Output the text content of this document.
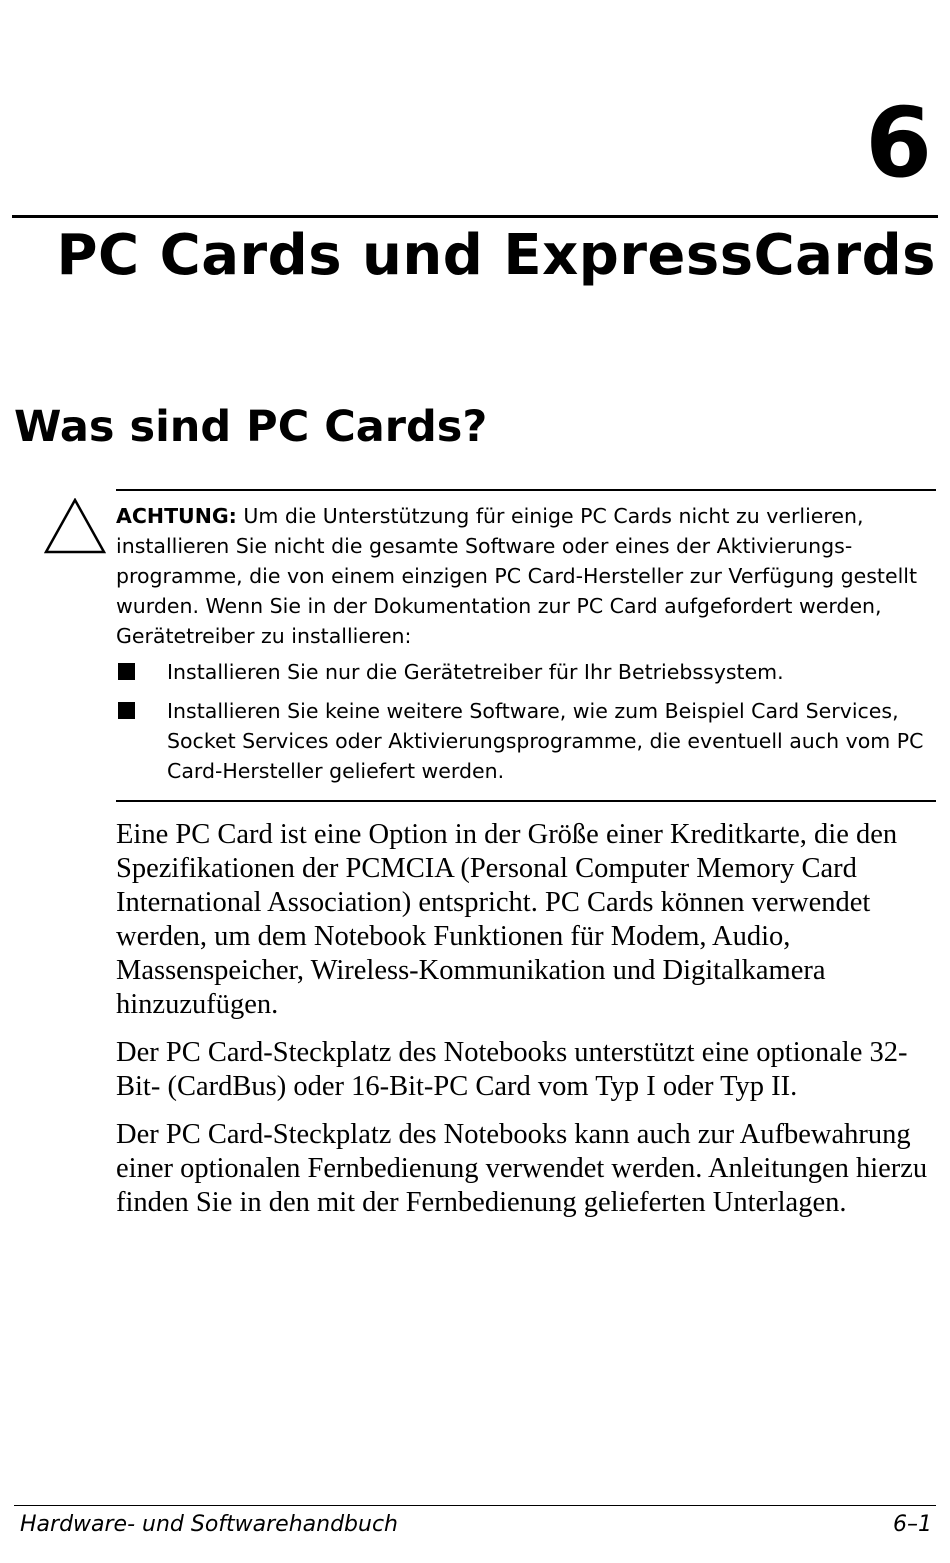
6
PC Cards und ExpressCards
Was sind PC Cards?

ACHTUNG: Um die Unterstützung für einige PC Cards nicht zu verlieren, installieren Sie nicht die gesamte Software oder eines der Aktivierungsprogramme, die von einem einzigen PC Card-Hersteller zur Verfügung gestellt wurden. Wenn Sie in der Dokumentation zur PC Card aufgefordert werden, Gerätetreiber zu installieren:

Installieren Sie nur die Gerätetreiber für Ihr Betriebssystem.
Installieren Sie keine weitere Software, wie zum Beispiel Card Services, Socket Services oder Aktivierungsprogramme, die eventuell auch vom PC Card-Hersteller geliefert werden.

Eine PC Card ist eine Option in der Größe einer Kreditkarte, die den Spezifikationen der PCMCIA (Personal Computer Memory Card International Association) entspricht. PC Cards können verwendet werden, um dem Notebook Funktionen für Modem, Audio, Massenspeicher, Wireless-Kommunikation und Digitalkamera hinzuzufügen.

Der PC Card-Steckplatz des Notebooks unterstützt eine optionale 32-Bit- (CardBus) oder 16-Bit-PC Card vom Typ I oder Typ II.

Der PC Card-Steckplatz des Notebooks kann auch zur Aufbewahrung einer optionalen Fernbedienung verwendet werden. Anleitungen hierzu finden Sie in den mit der Fernbedienung gelieferten Unterlagen.

Hardware- und Softwarehandbuch	6–1
